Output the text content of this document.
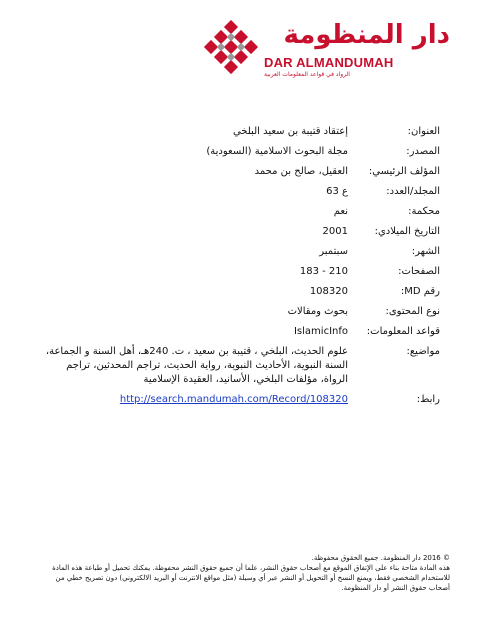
دار المنظومة
DAR ALMANDUMAH
الرواد في قواعد المعلومات العربية
العنوان:
إعتقاد قتيبة بن سعيد البلخي
المصدر:
مجلة البحوث الاسلامية (السعودية)
المؤلف الرئيسي:
العقيل، صالح بن محمد
المجلد/العدد:
ع 63
محكمة:
نعم
التاريخ الميلادي:
2001
الشهر:
سبتمبر
الصفحات:
183 - 210
رقم MD:
108320
نوع المحتوى:
بحوث ومقالات
قواعد المعلومات:
IslamicInfo
مواضيع:
علوم الحديث، البلخي ، قتيبة بن سعيد ، ت. 240هـ، أهل السنة و الجماعة، السنة النبوية، الأحاديث النبوية، رواية الحديث، تراجم المحدثين، تراجم الرواة، مؤلفات البلخي، الأسانيد، العقيدة الإسلامية
رابط:
http://search.mandumah.com/Record/108320

© 2016 دار المنظومة. جميع الحقوق محفوظة.

هذه المادة متاحة بناء على الإتفاق الموقع مع أصحاب حقوق النشر، علما أن جميع حقوق النشر محفوظة. يمكنك تحميل أو طباعة هذه المادة للاستخدام الشخصي فقط، ويمنع النسخ أو التحويل أو النشر عبر أي وسيلة (مثل مواقع الانترنت أو البريد الالكتروني) دون تصريح خطي من أصحاب حقوق النشر أو دار المنظومة.
